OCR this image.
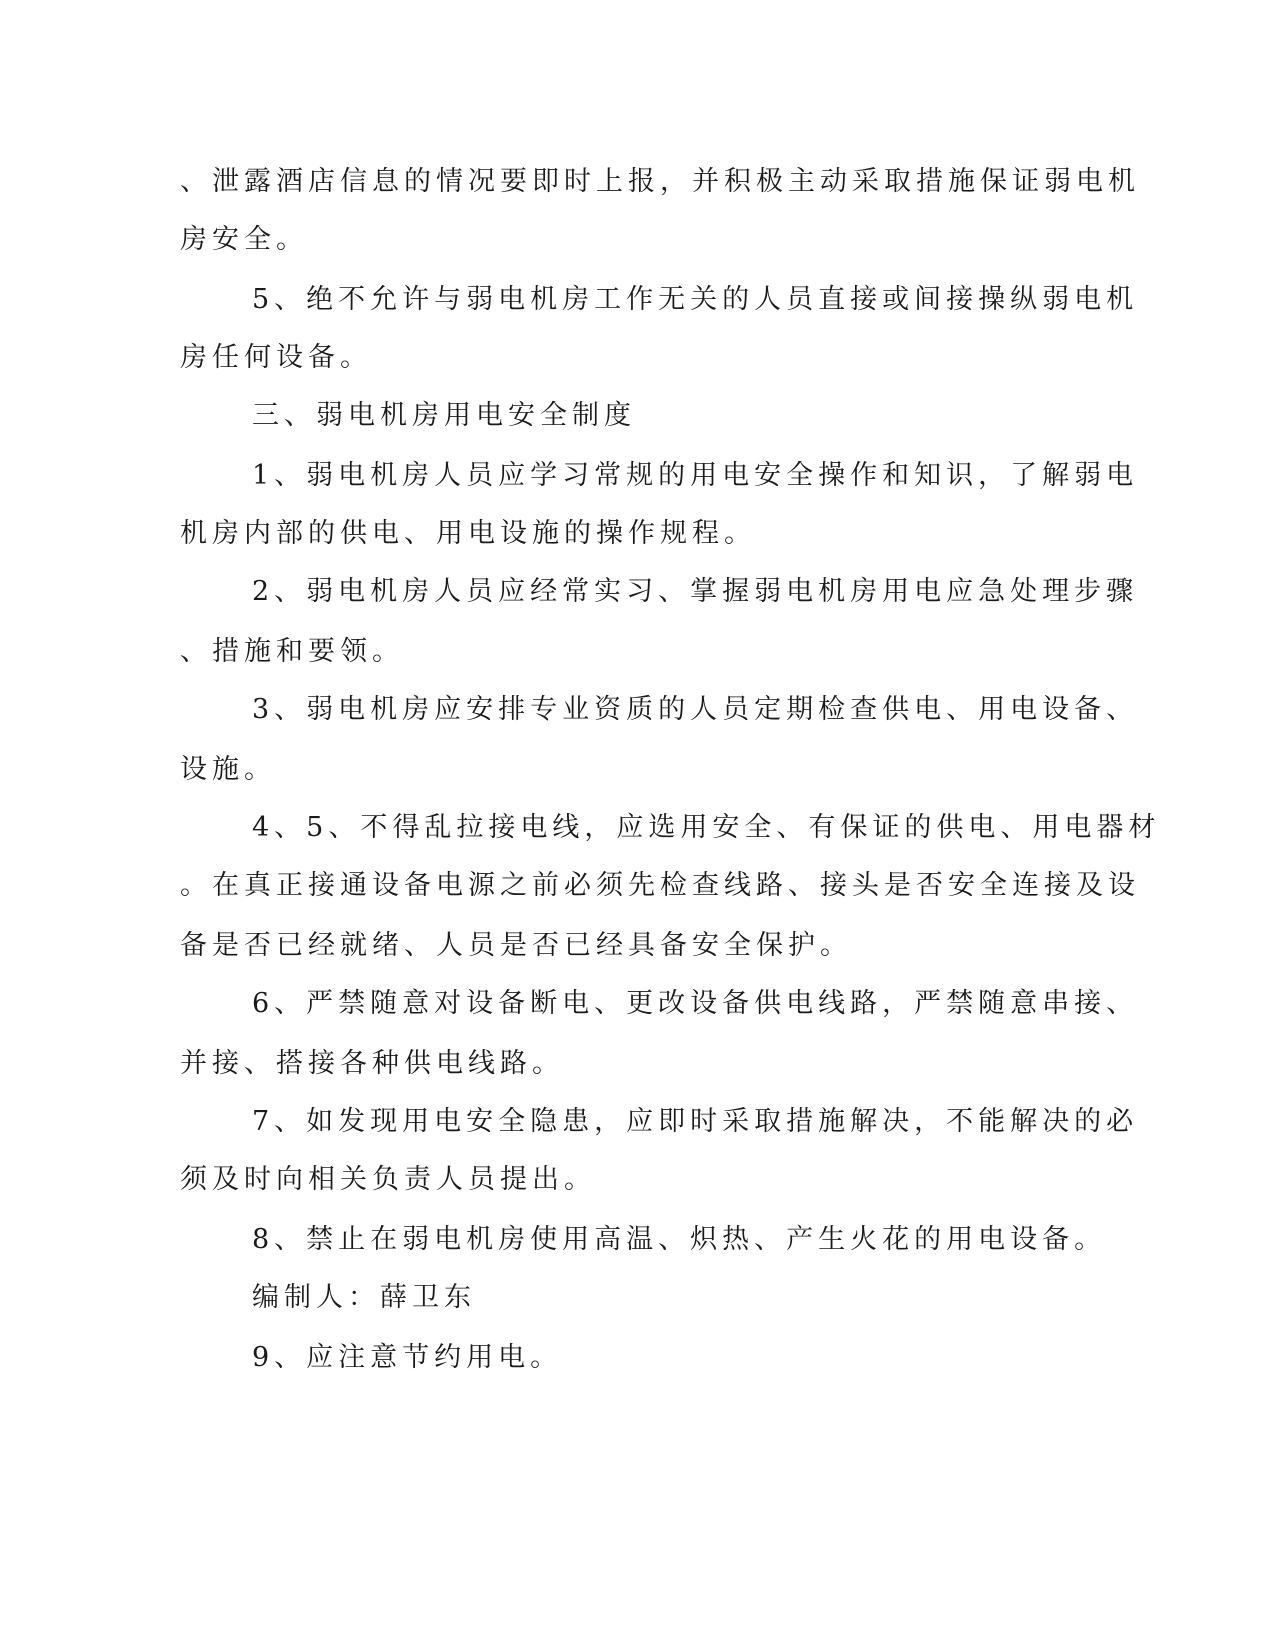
、泄露酒店信息的情况要即时上报，并积极主动采取措施保证弱电机
房安全。
5、绝不允许与弱电机房工作无关的人员直接或间接操纵弱电机
房任何设备。
三、弱电机房用电安全制度
1、弱电机房人员应学习常规的用电安全操作和知识，了解弱电
机房内部的供电、用电设施的操作规程。
2、弱电机房人员应经常实习、掌握弱电机房用电应急处理步骤
、措施和要领。
3、弱电机房应安排专业资质的人员定期检查供电、用电设备、
设施。
4、5、不得乱拉接电线，应选用安全、有保证的供电、用电器材
。在真正接通设备电源之前必须先检查线路、接头是否安全连接及设
备是否已经就绪、人员是否已经具备安全保护。
6、严禁随意对设备断电、更改设备供电线路，严禁随意串接、
并接、搭接各种供电线路。
7、如发现用电安全隐患，应即时采取措施解决，不能解决的必
须及时向相关负责人员提出。
8、禁止在弱电机房使用高温、炽热、产生火花的用电设备。
编制人：薛卫东
9、应注意节约用电。
